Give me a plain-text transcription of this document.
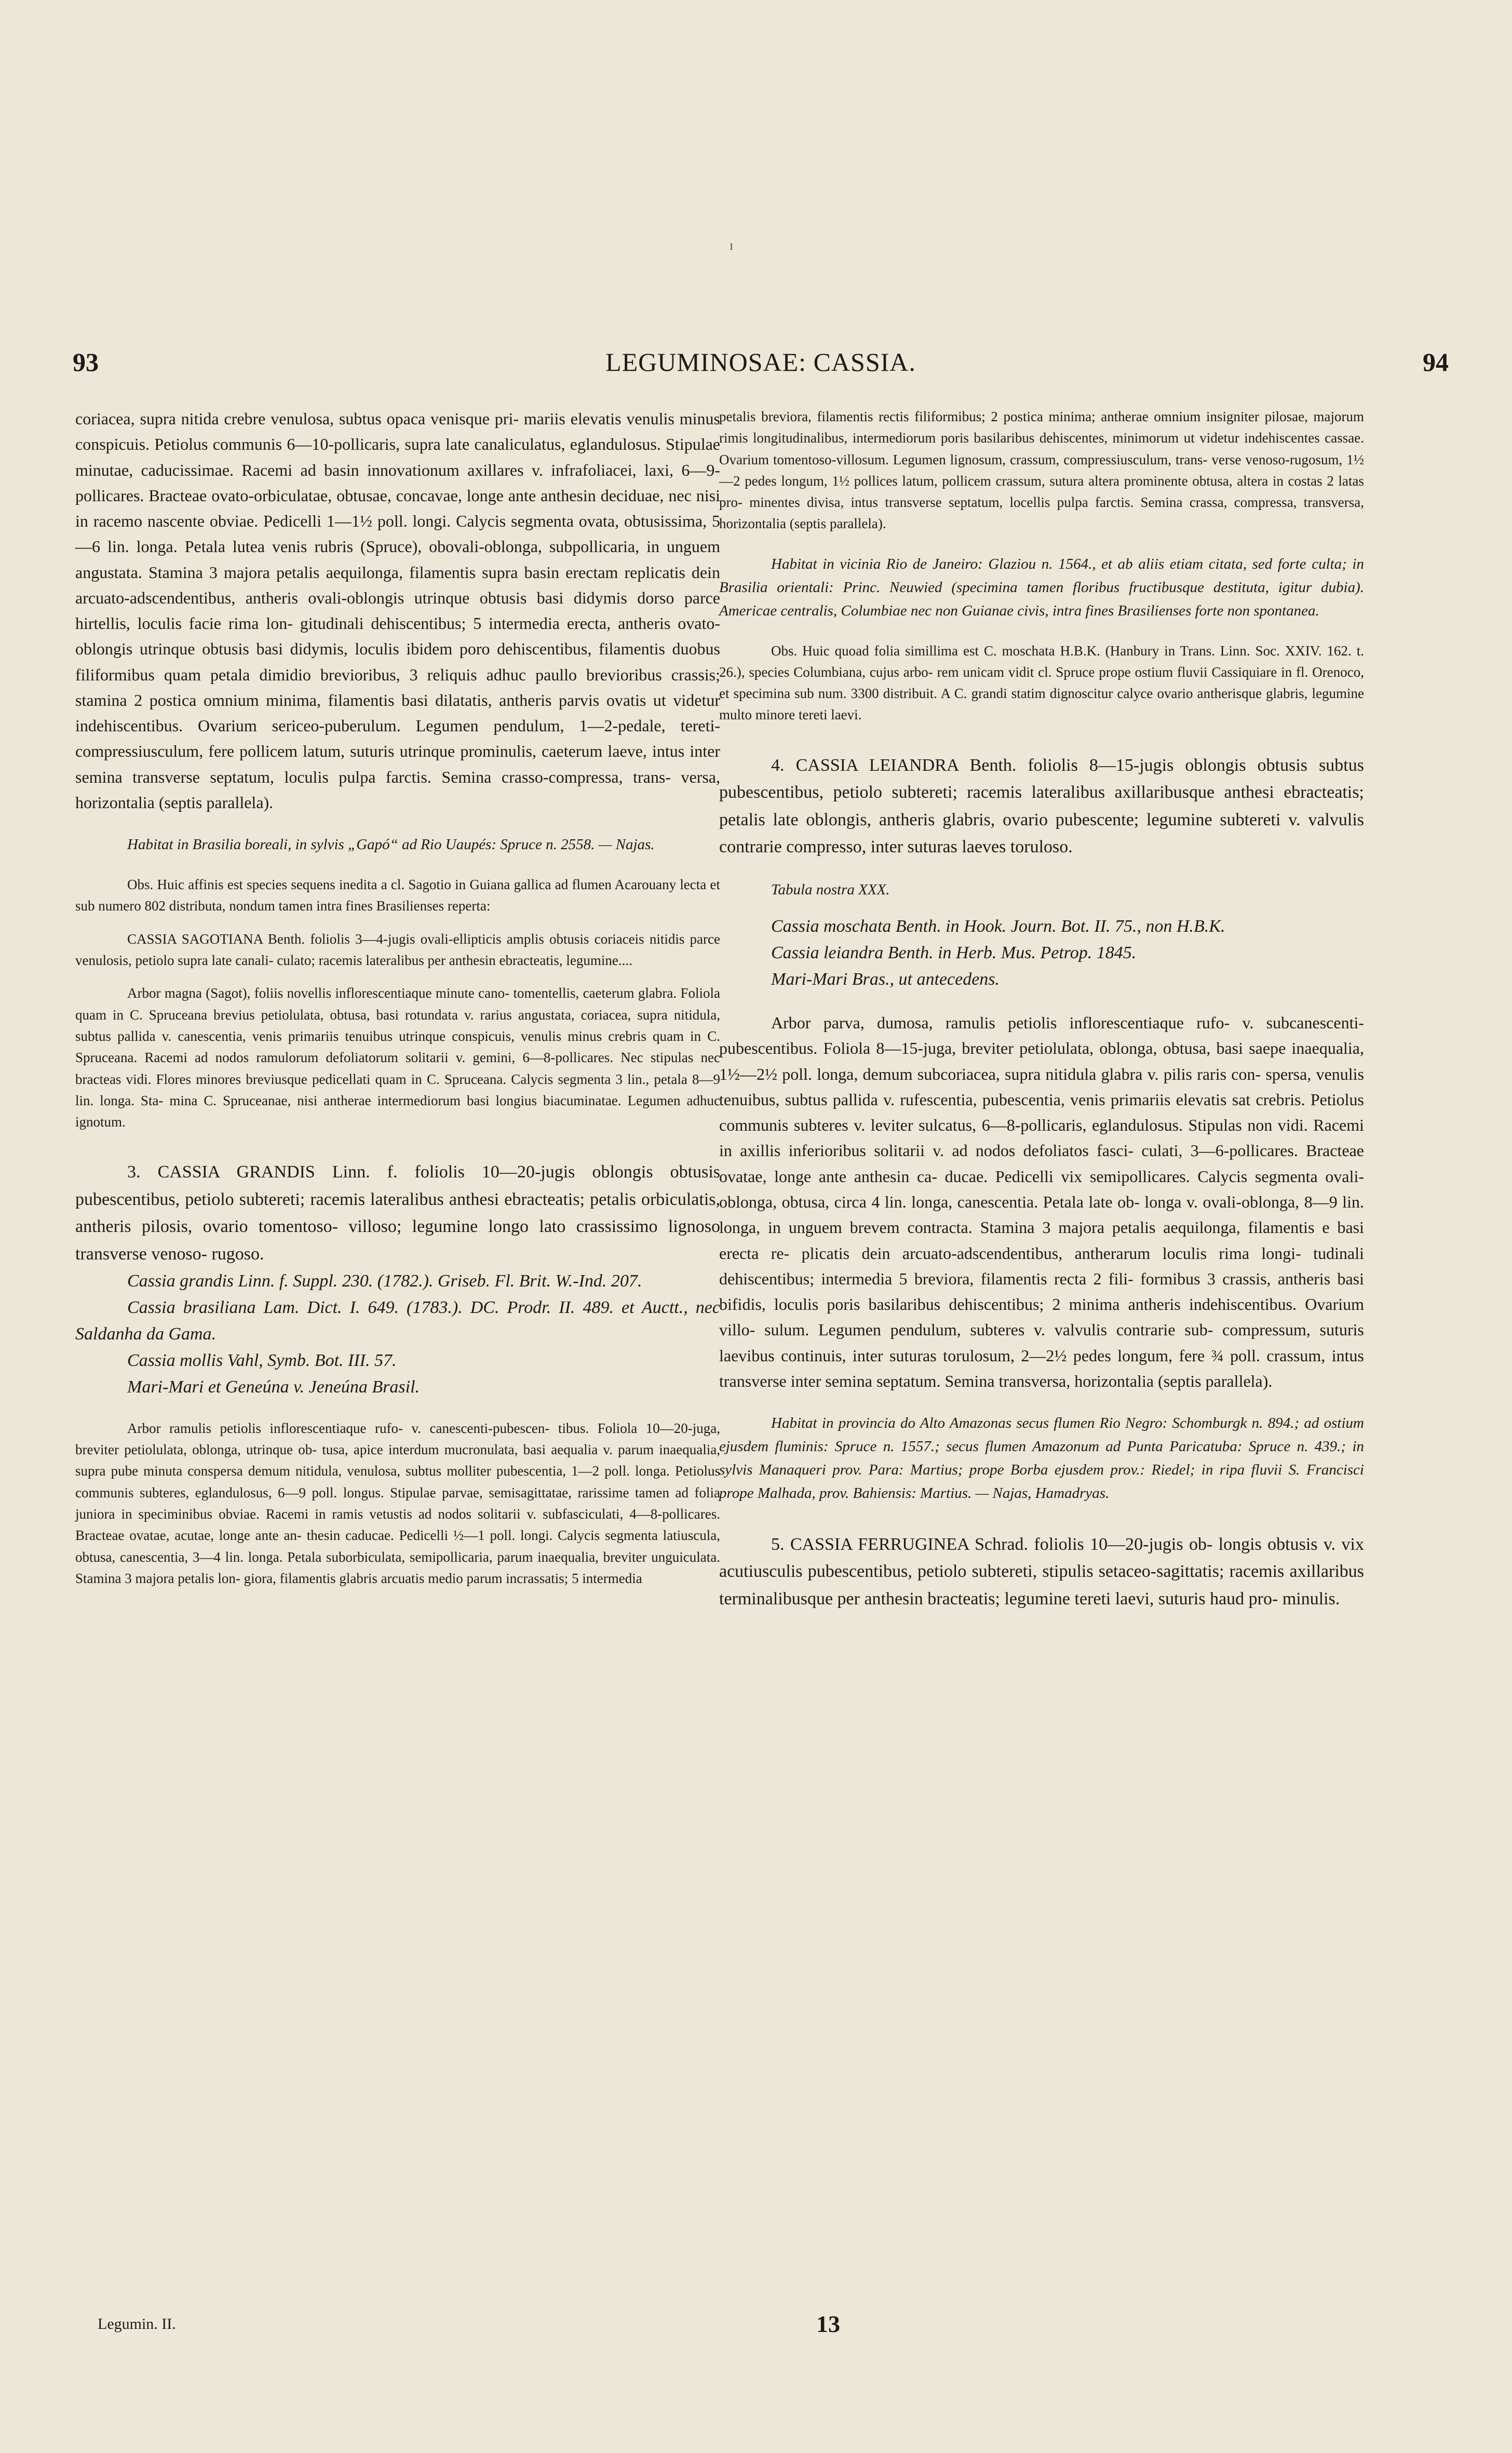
ɪ
93	LEGUMINOSAE: CASSIA.	94

coriacea, supra nitida crebre venulosa, subtus opaca venisque pri- mariis elevatis venulis minus conspicuis. Petiolus communis 6—10-pollicaris, supra late canaliculatus, eglandulosus. Stipulae minutae, caducissimae. Racemi ad basin innovationum axillares v. infrafoliacei, laxi, 6—9-pollicares. Bracteae ovato-orbiculatae, obtusae, concavae, longe ante anthesin deciduae, nec nisi in racemo nascente obviae. Pedicelli 1—1½ poll. longi. Calycis segmenta ovata, obtusissima, 5—6 lin. longa. Petala lutea venis rubris (Spruce), obovali-oblonga, subpollicaria, in unguem angustata. Stamina 3 majora petalis aequilonga, filamentis supra basin erectam replicatis dein arcuato-adscendentibus, antheris ovali-oblongis utrinque obtusis basi didymis dorso parce hirtellis, loculis facie rima lon- gitudinali dehiscentibus; 5 intermedia erecta, antheris ovato-oblongis utrinque obtusis basi didymis, loculis ibidem poro dehiscentibus, filamentis duobus filiformibus quam petala dimidio brevioribus, 3 reliquis adhuc paullo brevioribus crassis; stamina 2 postica omnium minima, filamentis basi dilatatis, antheris parvis ovatis ut videtur indehiscentibus. Ovarium sericeo-puberulum. Legumen pendulum, 1—2-pedale, tereti-compressiusculum, fere pollicem latum, suturis utrinque prominulis, caeterum laeve, intus inter semina transverse septatum, loculis pulpa farctis. Semina crasso-compressa, trans- versa, horizontalia (septis parallela).

Habitat in Brasilia boreali, in sylvis „Gapó“ ad Rio Uaupés: Spruce n. 2558. — Najas.

Obs. Huic affinis est species sequens inedita a cl. Sagotio in Guiana gallica ad flumen Acarouany lecta et sub numero 802 distributa, nondum tamen intra fines Brasilienses reperta:

CASSIA SAGOTIANA Benth. foliolis 3—4-jugis ovali-ellipticis amplis obtusis coriaceis nitidis parce venulosis, petiolo supra late canali- culato; racemis lateralibus per anthesin ebracteatis, legumine....

Arbor magna (Sagot), foliis novellis inflorescentiaque minute cano- tomentellis, caeterum glabra. Foliola quam in C. Spruceana brevius petiolulata, obtusa, basi rotundata v. rarius angustata, coriacea, supra nitidula, subtus pallida v. canescentia, venis primariis tenuibus utrinque conspicuis, venulis minus crebris quam in C. Spruceana. Racemi ad nodos ramulorum defoliatorum solitarii v. gemini, 6—8-pollicares. Nec stipulas nec bracteas vidi. Flores minores breviusque pedicellati quam in C. Spruceana. Calycis segmenta 3 lin., petala 8—9 lin. longa. Sta- mina C. Spruceanae, nisi antherae intermediorum basi longius biacuminatae. Legumen adhuc ignotum.

3. CASSIA GRANDIS Linn. f. foliolis 10—20-jugis oblongis obtusis pubescentibus, petiolo subtereti; racemis lateralibus anthesi ebracteatis; petalis orbiculatis, antheris pilosis, ovario tomentoso- villoso; legumine longo lato crassissimo lignoso transverse venoso- rugoso.

Cassia grandis Linn. f. Suppl. 230. (1782.). Griseb. Fl. Brit. W.-Ind. 207.

Cassia brasiliana Lam. Dict. I. 649. (1783.). DC. Prodr. II. 489. et Auctt., nec Saldanha da Gama.

Cassia mollis Vahl, Symb. Bot. III. 57.

Mari-Mari et Geneúna v. Jeneúna Brasil.

Arbor ramulis petiolis inflorescentiaque rufo- v. canescenti-pubescen- tibus. Foliola 10—20-juga, breviter petiolulata, oblonga, utrinque ob- tusa, apice interdum mucronulata, basi aequalia v. parum inaequalia, supra pube minuta conspersa demum nitidula, venulosa, subtus molliter pubescentia, 1—2 poll. longa. Petiolus communis subteres, eglandulosus, 6—9 poll. longus. Stipulae parvae, semisagittatae, rarissime tamen ad folia juniora in speciminibus obviae. Racemi in ramis vetustis ad nodos solitarii v. subfasciculati, 4—8-pollicares. Bracteae ovatae, acutae, longe ante an- thesin caducae. Pedicelli ½—1 poll. longi. Calycis segmenta latiuscula, obtusa, canescentia, 3—4 lin. longa. Petala suborbiculata, semipollicaria, parum inaequalia, breviter unguiculata. Stamina 3 majora petalis lon- giora, filamentis glabris arcuatis medio parum incrassatis; 5 intermedia

petalis breviora, filamentis rectis filiformibus; 2 postica minima; antherae omnium insigniter pilosae, majorum rimis longitudinalibus, intermediorum poris basilaribus dehiscentes, minimorum ut videtur indehiscentes cassae. Ovarium tomentoso-villosum. Legumen lignosum, crassum, compressiusculum, trans- verse venoso-rugosum, 1½—2 pedes longum, 1½ pollices latum, pollicem crassum, sutura altera prominente obtusa, altera in costas 2 latas pro- minentes divisa, intus transverse septatum, locellis pulpa farctis. Semina crassa, compressa, transversa, horizontalia (septis parallela).

Habitat in vicinia Rio de Janeiro: Glaziou n. 1564., et ab aliis etiam citata, sed forte culta; in Brasilia orientali: Princ. Neuwied (specimina tamen floribus fructibusque destituta, igitur dubia). Americae centralis, Columbiae nec non Guianae civis, intra fines Brasilienses forte non spontanea.

Obs. Huic quoad folia simillima est C. moschata H.B.K. (Hanbury in Trans. Linn. Soc. XXIV. 162. t. 26.), species Columbiana, cujus arbo- rem unicam vidit cl. Spruce prope ostium fluvii Cassiquiare in fl. Orenoco, et specimina sub num. 3300 distribuit. A C. grandi statim dignoscitur calyce ovario antherisque glabris, legumine multo minore tereti laevi.

4. CASSIA LEIANDRA Benth. foliolis 8—15-jugis oblongis obtusis subtus pubescentibus, petiolo subtereti; racemis lateralibus axillaribusque anthesi ebracteatis; petalis late oblongis, antheris glabris, ovario pubescente; legumine subtereti v. valvulis contrarie compresso, inter suturas laeves toruloso.

Tabula nostra XXX.

Cassia moschata Benth. in Hook. Journ. Bot. II. 75., non H.B.K.

Cassia leiandra Benth. in Herb. Mus. Petrop. 1845.

Mari-Mari Bras., ut antecedens.

Arbor parva, dumosa, ramulis petiolis inflorescentiaque rufo- v. subcanescenti-pubescentibus. Foliola 8—15-juga, breviter petiolulata, oblonga, obtusa, basi saepe inaequalia, 1½—2½ poll. longa, demum subcoriacea, supra nitidula glabra v. pilis raris con- spersa, venulis tenuibus, subtus pallida v. rufescentia, pubescentia, venis primariis elevatis sat crebris. Petiolus communis subteres v. leviter sulcatus, 6—8-pollicaris, eglandulosus. Stipulas non vidi. Racemi in axillis inferioribus solitarii v. ad nodos defoliatos fasci- culati, 3—6-pollicares. Bracteae ovatae, longe ante anthesin ca- ducae. Pedicelli vix semipollicares. Calycis segmenta ovali- oblonga, obtusa, circa 4 lin. longa, canescentia. Petala late ob- longa v. ovali-oblonga, 8—9 lin. longa, in unguem brevem contracta. Stamina 3 majora petalis aequilonga, filamentis e basi erecta re- plicatis dein arcuato-adscendentibus, antherarum loculis rima longi- tudinali dehiscentibus; intermedia 5 breviora, filamentis recta 2 fili- formibus 3 crassis, antheris basi bifidis, loculis poris basilaribus dehiscentibus; 2 minima antheris indehiscentibus. Ovarium villo- sulum. Legumen pendulum, subteres v. valvulis contrarie sub- compressum, suturis laevibus continuis, inter suturas torulosum, 2—2½ pedes longum, fere ¾ poll. crassum, intus transverse inter semina septatum. Semina transversa, horizontalia (septis parallela).

Habitat in provincia do Alto Amazonas secus flumen Rio Negro: Schomburgk n. 894.; ad ostium ejusdem fluminis: Spruce n. 1557.; secus flumen Amazonum ad Punta Paricatuba: Spruce n. 439.; in sylvis Manaqueri prov. Para: Martius; prope Borba ejusdem prov.: Riedel; in ripa fluvii S. Francisci prope Malhada, prov. Bahiensis: Martius. — Najas, Hamadryas.

5. CASSIA FERRUGINEA Schrad. foliolis 10—20-jugis ob- longis obtusis v. vix acutiusculis pubescentibus, petiolo subtereti, stipulis setaceo-sagittatis; racemis axillaribus terminalibusque per anthesin bracteatis; legumine tereti laevi, suturis haud pro- minulis.

Legumin. II.	13
